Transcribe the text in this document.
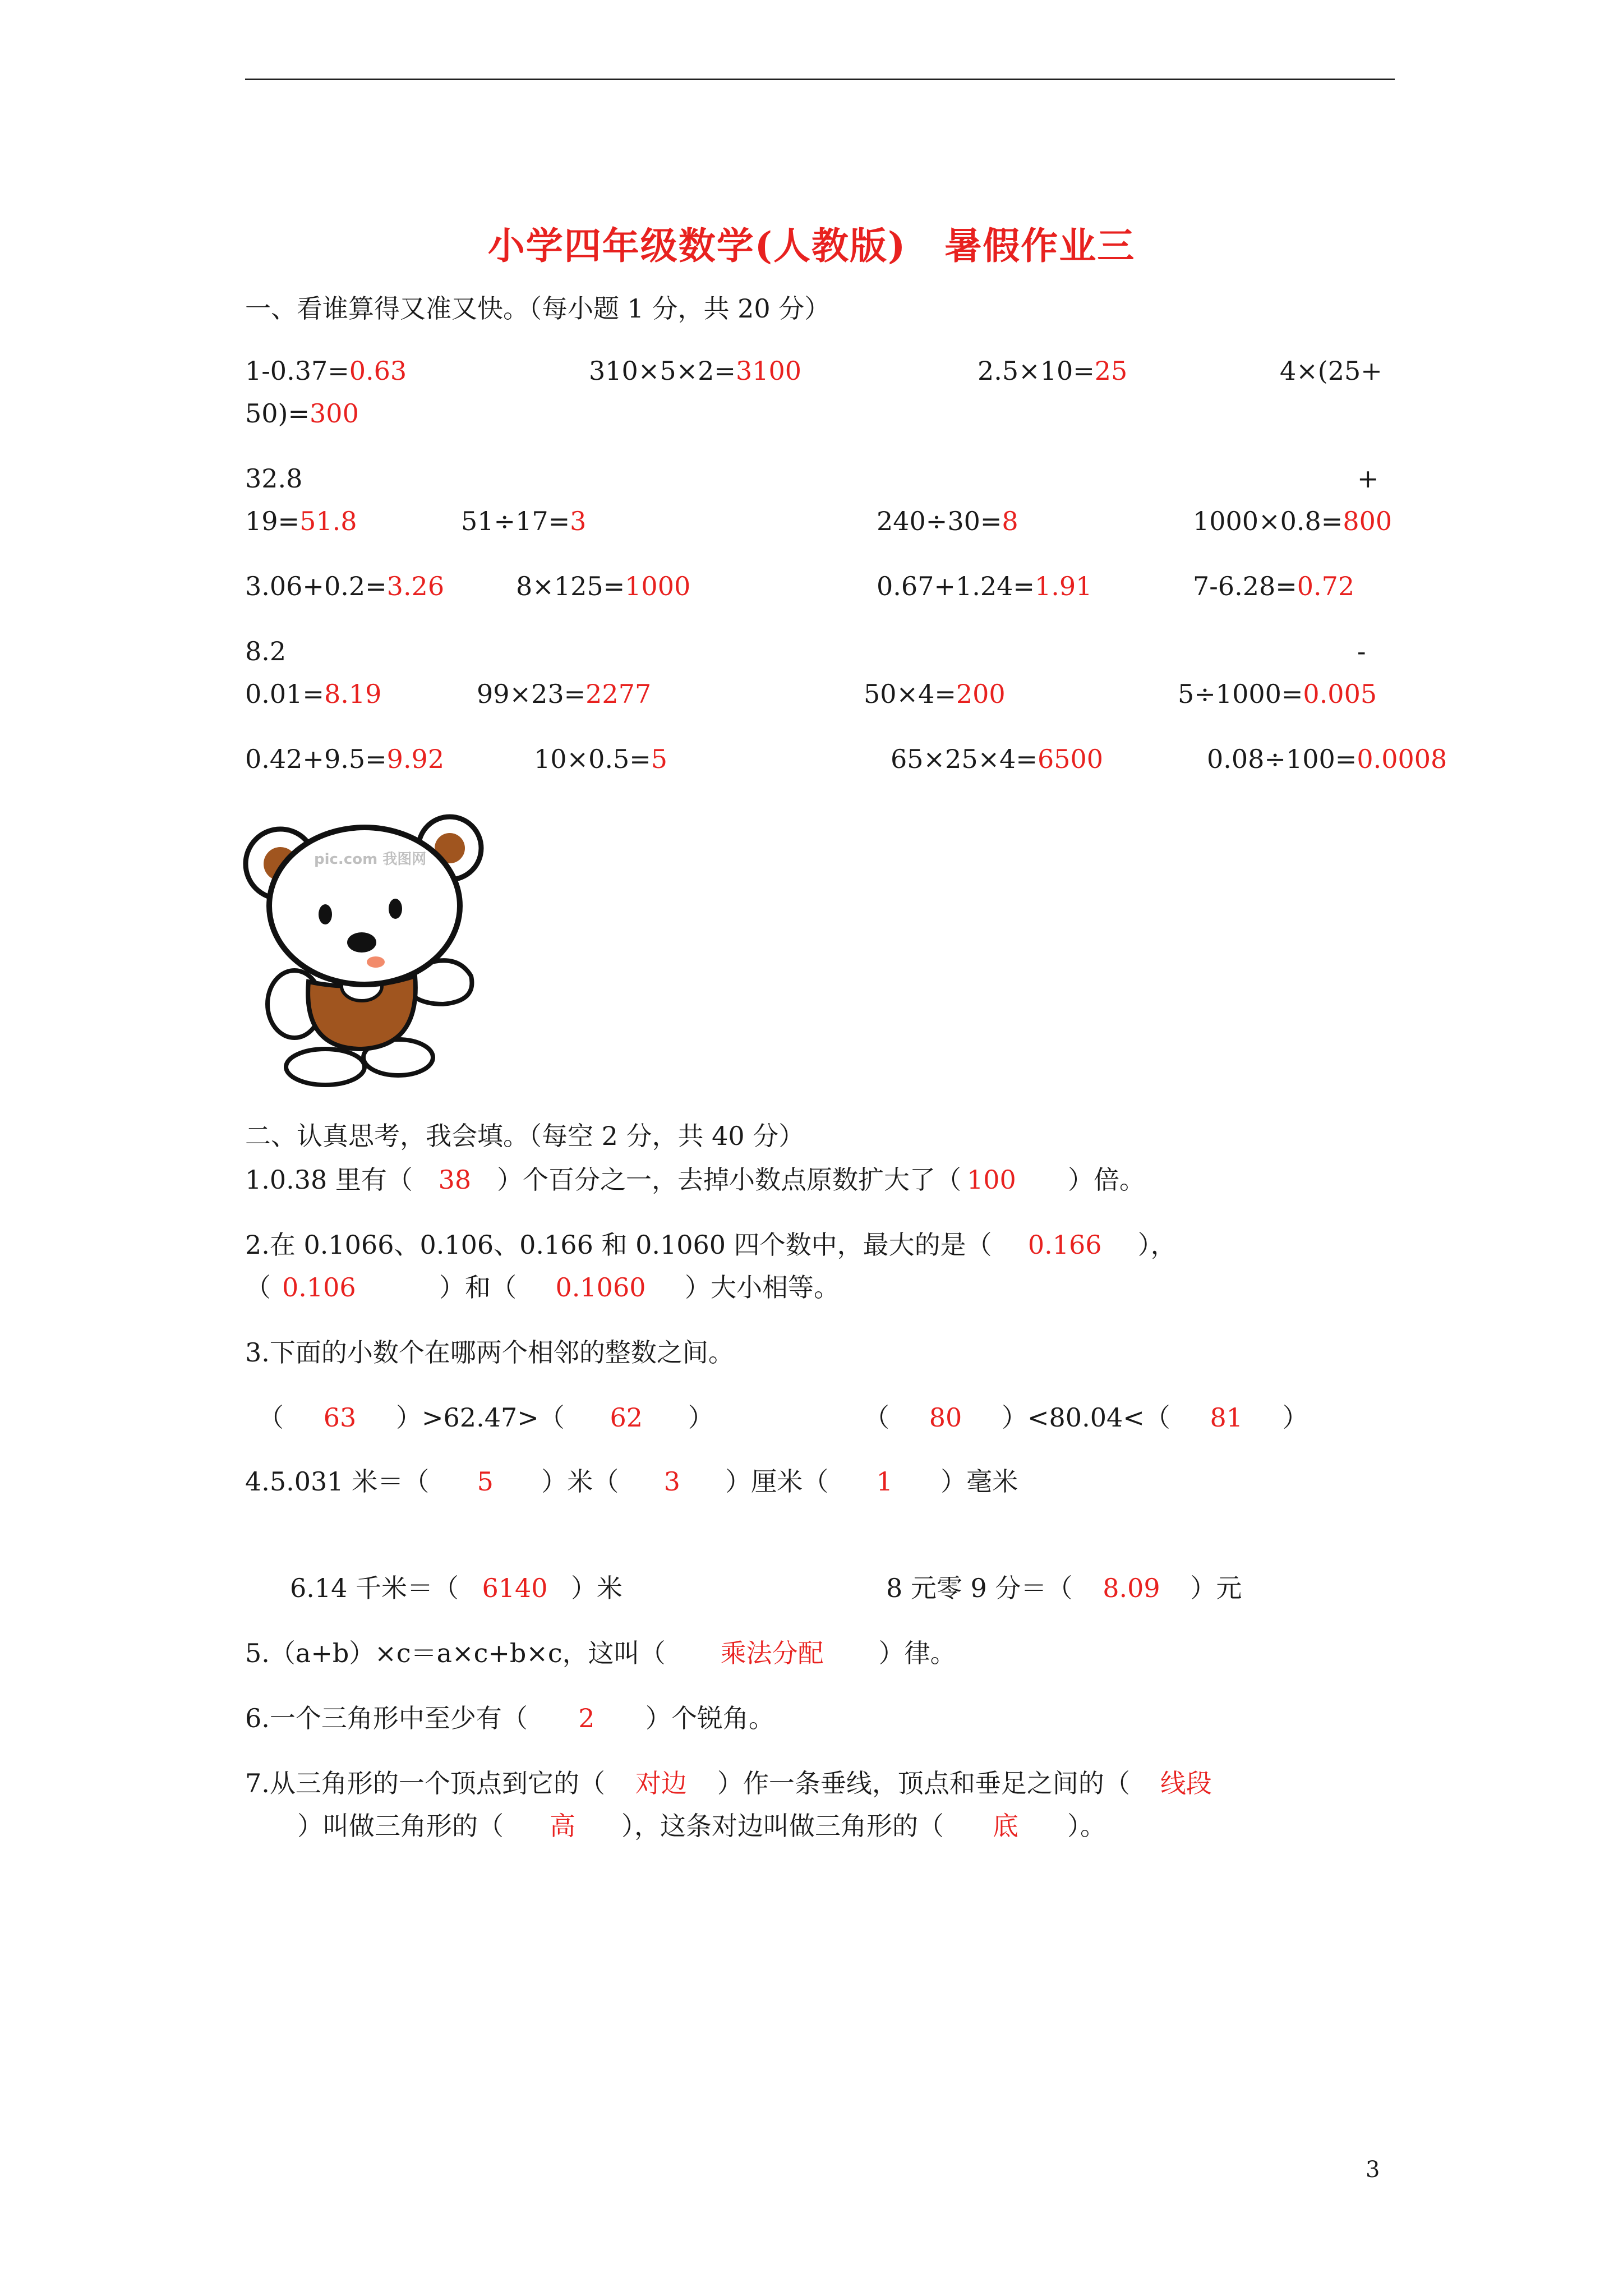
小学四年级数学(人教版)　暑假作业三
一、看谁算得又准又快。（每小题 1 分，共 20 分）
1-0.37=0.63	310×5×2=3100	2.5×10=25	4×(25+
50)=300
32.8	+
19=51.8	51÷17=3	240÷30=8	1000×0.8=800
3.06+0.2=3.26	8×125=1000	0.67+1.24=1.91	7-6.28=0.72
8.2	-
0.01=8.19	99×23=2277	50×4=200	5÷1000=0.005
0.42+9.5=9.92	10×0.5=5	65×25×4=6500	0.08÷100=0.0008
pic.com 我图网
二、认真思考，我会填。（每空 2 分，共 40 分）
1.0.38 里有（ 38 ）个百分之一，去掉小数点原数扩大了（ 100 ）倍。
2.在 0.1066、0.106、0.166 和 0.1060 四个数中，最大的是（ 0.166 ），
（ 0.106	）和（ 0.1060 ）大小相等。
3.下面的小数个在哪两个相邻的整数之间。
（ 63 ）>62.47>（ 62 ）	（ 80 ）<80.04<（ 81 ）
4.5.031 米＝（ 5 ）米（ 3 ）厘米（ 1 ）毫米
6.14 千米＝（ 6140 ）米	8 元零 9 分＝（ 8.09 ）元
5.（a+b）×c＝a×c+b×c，这叫（ 乘法分配 ）律。
6.一个三角形中至少有（ 2 ）个锐角。
7.从三角形的一个顶点到它的（ 对边 ）作一条垂线，顶点和垂足之间的（ 线段
）叫做三角形的（ 高 ），这条对边叫做三角形的（ 底 ）。
3
